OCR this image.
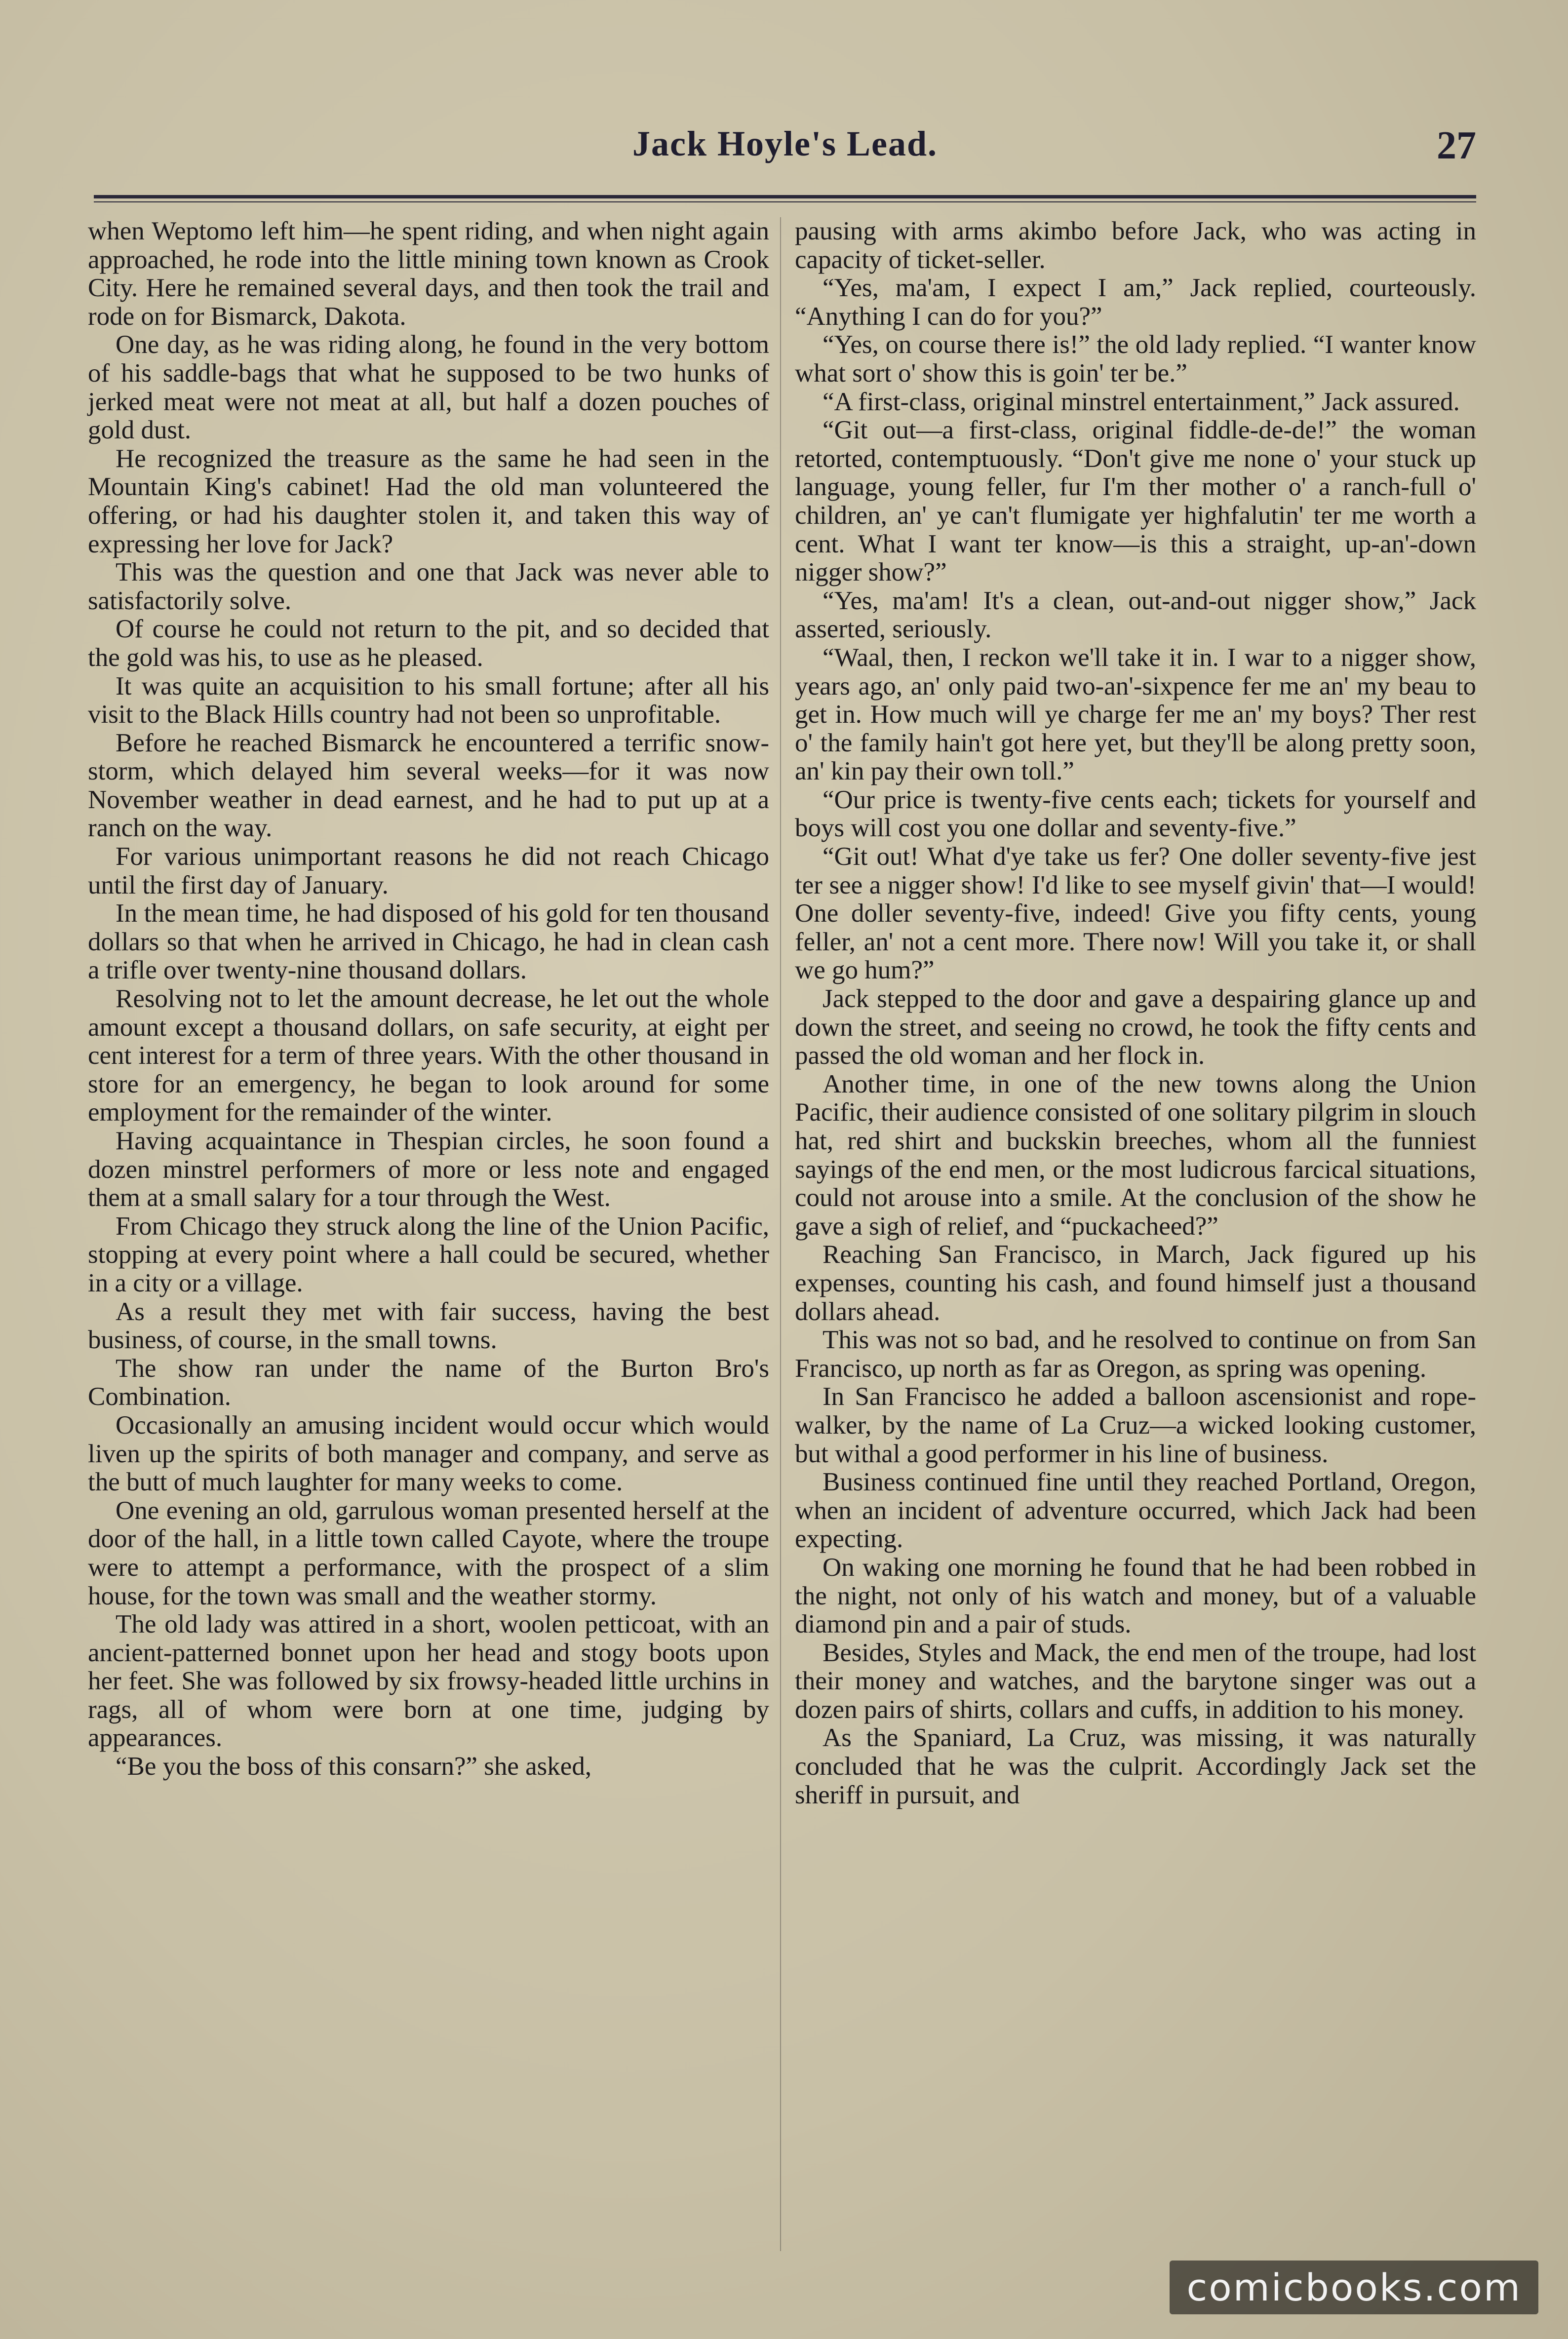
Jack Hoyle's Lead.	27

when Weptomo left him—he spent riding, and when night again approached, he rode into the little mining town known as Crook City. Here he remained several days, and then took the trail and rode on for Bismarck, Dakota.

One day, as he was riding along, he found in the very bottom of his saddle-bags that what he supposed to be two hunks of jerked meat were not meat at all, but half a dozen pouches of gold dust.

He recognized the treasure as the same he had seen in the Mountain King's cabinet! Had the old man volunteered the offering, or had his daughter stolen it, and taken this way of expressing her love for Jack?

This was the question and one that Jack was never able to satisfactorily solve.

Of course he could not return to the pit, and so decided that the gold was his, to use as he pleased.

It was quite an acquisition to his small fortune; after all his visit to the Black Hills country had not been so unprofitable.

Before he reached Bismarck he encountered a terrific snow-storm, which delayed him several weeks—for it was now November weather in dead earnest, and he had to put up at a ranch on the way.

For various unimportant reasons he did not reach Chicago until the first day of January.

In the mean time, he had disposed of his gold for ten thousand dollars so that when he arrived in Chicago, he had in clean cash a trifle over twenty-nine thousand dollars.

Resolving not to let the amount decrease, he let out the whole amount except a thousand dollars, on safe security, at eight per cent interest for a term of three years. With the other thousand in store for an emergency, he began to look around for some employment for the remainder of the winter.

Having acquaintance in Thespian circles, he soon found a dozen minstrel performers of more or less note and engaged them at a small salary for a tour through the West.

From Chicago they struck along the line of the Union Pacific, stopping at every point where a hall could be secured, whether in a city or a village.

As a result they met with fair success, having the best business, of course, in the small towns.

The show ran under the name of the Burton Bro's Combination.

Occasionally an amusing incident would occur which would liven up the spirits of both manager and company, and serve as the butt of much laughter for many weeks to come.

One evening an old, garrulous woman presented herself at the door of the hall, in a little town called Cayote, where the troupe were to attempt a performance, with the prospect of a slim house, for the town was small and the weather stormy.

The old lady was attired in a short, woolen petticoat, with an ancient-patterned bonnet upon her head and stogy boots upon her feet. She was followed by six frowsy-headed little urchins in rags, all of whom were born at one time, judging by appearances.

“Be you the boss of this consarn?” she asked,

pausing with arms akimbo before Jack, who was acting in capacity of ticket-seller.

“Yes, ma'am, I expect I am,” Jack replied, courteously. “Anything I can do for you?”

“Yes, on course there is!” the old lady replied. “I wanter know what sort o' show this is goin' ter be.”

“A first-class, original minstrel entertainment,” Jack assured.

“Git out—a first-class, original fiddle-de-de!” the woman retorted, contemptuously. “Don't give me none o' your stuck up language, young feller, fur I'm ther mother o' a ranch-full o' children, an' ye can't flumigate yer highfalutin' ter me worth a cent. What I want ter know—is this a straight, up-an'-down nigger show?”

“Yes, ma'am! It's a clean, out-and-out nigger show,” Jack asserted, seriously.

“Waal, then, I reckon we'll take it in. I war to a nigger show, years ago, an' only paid two-an'-sixpence fer me an' my beau to get in. How much will ye charge fer me an' my boys? Ther rest o' the family hain't got here yet, but they'll be along pretty soon, an' kin pay their own toll.”

“Our price is twenty-five cents each; tickets for yourself and boys will cost you one dollar and seventy-five.”

“Git out! What d'ye take us fer? One doller seventy-five jest ter see a nigger show! I'd like to see myself givin' that—I would! One doller seventy-five, indeed! Give you fifty cents, young feller, an' not a cent more. There now! Will you take it, or shall we go hum?”

Jack stepped to the door and gave a despairing glance up and down the street, and seeing no crowd, he took the fifty cents and passed the old woman and her flock in.

Another time, in one of the new towns along the Union Pacific, their audience consisted of one solitary pilgrim in slouch hat, red shirt and buckskin breeches, whom all the funniest sayings of the end men, or the most ludicrous farcical situations, could not arouse into a smile. At the conclusion of the show he gave a sigh of relief, and “puckacheed?”

Reaching San Francisco, in March, Jack figured up his expenses, counting his cash, and found himself just a thousand dollars ahead.

This was not so bad, and he resolved to continue on from San Francisco, up north as far as Oregon, as spring was opening.

In San Francisco he added a balloon ascensionist and rope-walker, by the name of La Cruz—a wicked looking customer, but withal a good performer in his line of business.

Business continued fine until they reached Portland, Oregon, when an incident of adventure occurred, which Jack had been expecting.

On waking one morning he found that he had been robbed in the night, not only of his watch and money, but of a valuable diamond pin and a pair of studs.

Besides, Styles and Mack, the end men of the troupe, had lost their money and watches, and the barytone singer was out a dozen pairs of shirts, collars and cuffs, in addition to his money.

As the Spaniard, La Cruz, was missing, it was naturally concluded that he was the culprit. Accordingly Jack set the sheriff in pursuit, and

comicbooks.com
